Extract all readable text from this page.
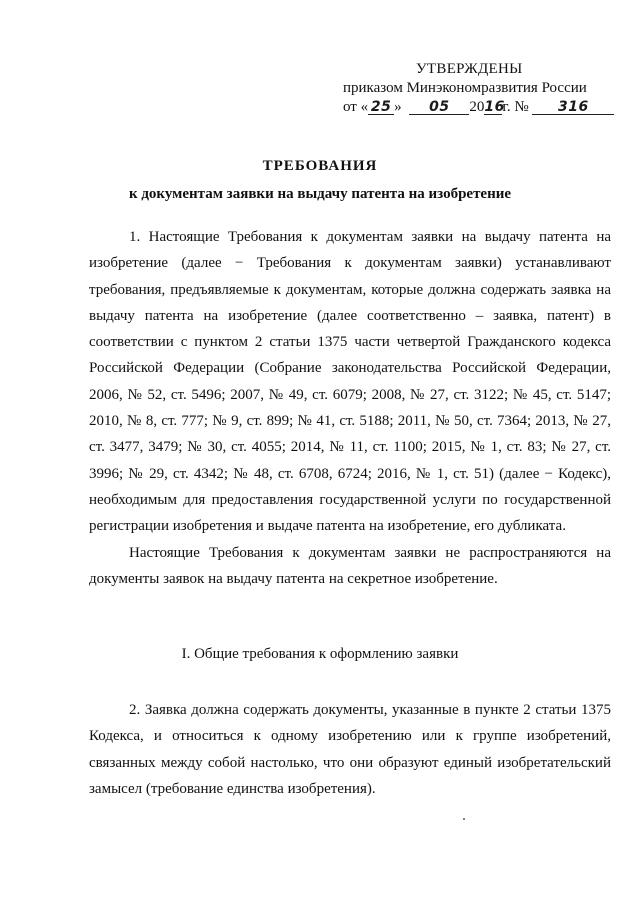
УТВЕРЖДЕНЫ
приказом Минэкономразвития России
от « 25 » 05 2016г. № 316
ТРЕБОВАНИЯ
к документам заявки на выдачу патента на изобретение

1. Настоящие Требования к документам заявки на выдачу патента на изобретение (далее − Требования к документам заявки) устанавливают требования, предъявляемые к документам, которые должна содержать заявка на выдачу патента на изобретение (далее соответственно – заявка, патент) в соответствии с пунктом 2 статьи 1375 части четвертой Гражданского кодекса Российской Федерации (Собрание законодательства Российской Федерации, 2006, № 52, ст. 5496; 2007, № 49, ст. 6079; 2008, № 27, ст. 3122; № 45, ст. 5147; 2010, № 8, ст. 777; № 9, ст. 899; № 41, ст. 5188; 2011, № 50, ст. 7364; 2013, № 27, ст. 3477, 3479; № 30, ст. 4055; 2014, № 11, ст. 1100; 2015, № 1, ст. 83; № 27, ст. 3996; № 29, ст. 4342; № 48, ст. 6708, 6724; 2016, № 1, ст. 51) (далее − Кодекс), необходимым для предоставления государственной услуги по государственной регистрации изобретения и выдаче патента на изобретение, его дубликата.

Настоящие Требования к документам заявки не распространяются на документы заявок на выдачу патента на секретное изобретение.

I. Общие требования к оформлению заявки

2. Заявка должна содержать документы, указанные в пункте 2 статьи 1375 Кодекса, и относиться к одному изобретению или к группе изобретений, связанных между собой настолько, что они образуют единый изобретательский замысел (требование единства изобретения).
